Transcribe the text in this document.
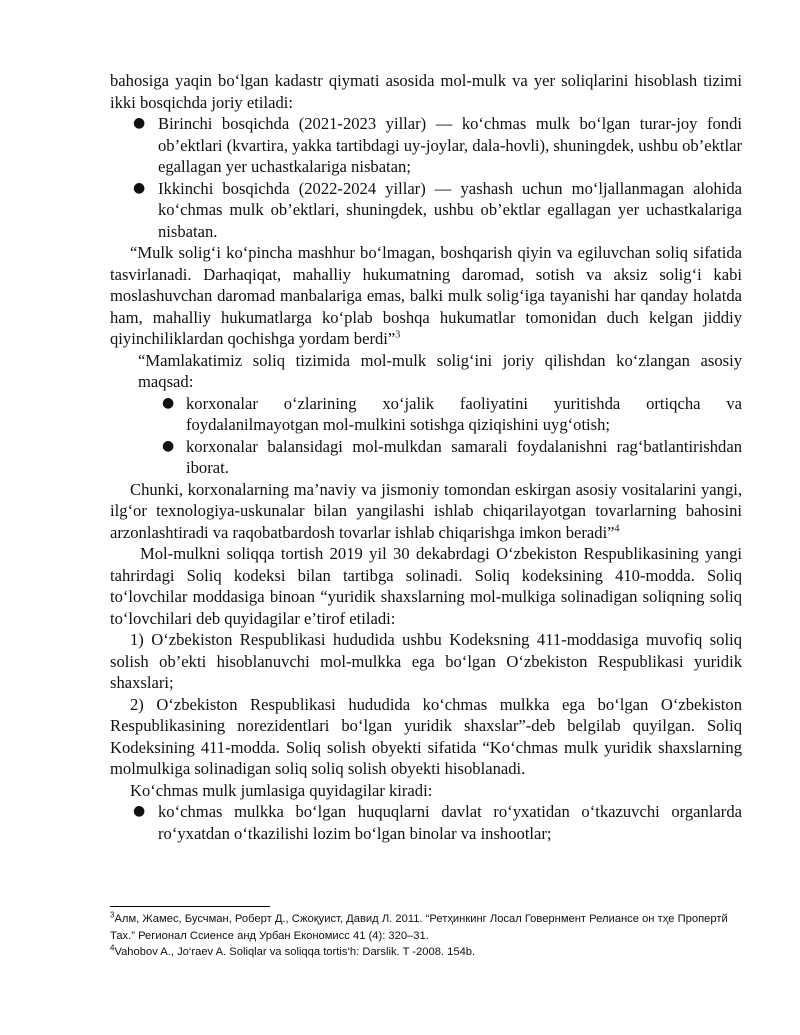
bahosiga yaqin bo‘lgan kadastr qiymati asosida mol-mulk va yer soliqlarini hisoblash tizimi ikki bosqichda joriy etiladi:

● Birinchi bosqichda (2021-2023 yillar) — ko‘chmas mulk bo‘lgan turar-joy fondi ob’ektlari (kvartira, yakka tartibdagi uy-joylar, dala-hovli), shuningdek, ushbu ob’ektlar egallagan yer uchastkalariga nisbatan;
● Ikkinchi bosqichda (2022-2024 yillar) — yashash uchun mo‘ljallanmagan alohida ko‘chmas mulk ob’ektlari, shuningdek, ushbu ob’ektlar egallagan yer uchastkalariga nisbatan.

“Mulk solig‘i ko‘pincha mashhur bo‘lmagan, boshqarish qiyin va egiluvchan soliq sifatida tasvirlanadi. Darhaqiqat, mahalliy hukumatning daromad, sotish va aksiz solig‘i kabi moslashuvchan daromad manbalariga emas, balki mulk solig‘iga tayanishi har qanday holatda ham, mahalliy hukumatlarga ko‘plab boshqa hukumatlar tomonidan duch kelgan jiddiy qiyinchiliklardan qochishga yordam berdi”$^3$

“Mamlakatimiz soliq tizimida mol-mulk solig‘ini joriy qilishdan ko‘zlangan asosiy maqsad:

● korxonalar o‘zlarining xo‘jalik faoliyatini yuritishda ortiqcha va foydalanilmayotgan mol-mulkini sotishga qiziqishini uyg‘otish;
● korxonalar balansidagi mol-mulkdan samarali foydalanishni rag‘batlantirishdan iborat.

Chunki, korxonalarning ma’naviy va jismoniy tomondan eskirgan asosiy vositalarini yangi, ilg‘or texnologiya-uskunalar bilan yangilashi ishlab chiqarilayotgan tovarlarning bahosini arzonlashtiradi va raqobatbardosh tovarlar ishlab chiqarishga imkon beradi”$^4$

Mol-mulkni soliqqa tortish 2019 yil 30 dekabrdagi O‘zbekiston Respublikasining yangi tahrirdagi Soliq kodeksi bilan tartibga solinadi. Soliq kodeksining 410-modda. Soliq to‘lovchilar moddasiga binoan “yuridik shaxslarning mol-mulkiga solinadigan soliqning soliq to‘lovchilari deb quyidagilar e’tirof etiladi:

1) O‘zbekiston Respublikasi hududida ushbu Kodeksning 411-moddasiga muvofiq soliq solish ob’ekti hisoblanuvchi mol-mulkka ega bo‘lgan O‘zbekiston Respublikasi yuridik shaxslari;

2) O‘zbekiston Respublikasi hududida ko‘chmas mulkka ega bo‘lgan O‘zbekiston Respublikasining norezidentlari bo‘lgan yuridik shaxslar”-deb belgilab quyilgan. Soliq Kodeksining 411-modda. Soliq solish obyekti sifatida “Ko‘chmas mulk yuridik shaxslarning molmulkiga solinadigan soliq soliq solish obyekti hisoblanadi.

Ko‘chmas mulk jumlasiga quyidagilar kiradi:

● ko‘chmas mulkka bo‘lgan huquqlarni davlat ro‘yxatidan o‘tkazuvchi organlarda ro‘yxatdan o‘tkazilishi lozim bo‘lgan binolar va inshootlar;

$^3$Алм, Жамес, Бусчман, Роберт Д., Сжоқуист, Давид Л. 2011. “Ретҳинкинг Лосал Говернмент Релиансе он тҳе Пропертй Тах.” Регионал Ссиенсе анд Урбан Економисс 41 (4): 320–31.

$^4$Vahobov A., Jo‘raev A. Soliqlar va soliqqa tortis‘h: Darslik. T -2008. 154b.
